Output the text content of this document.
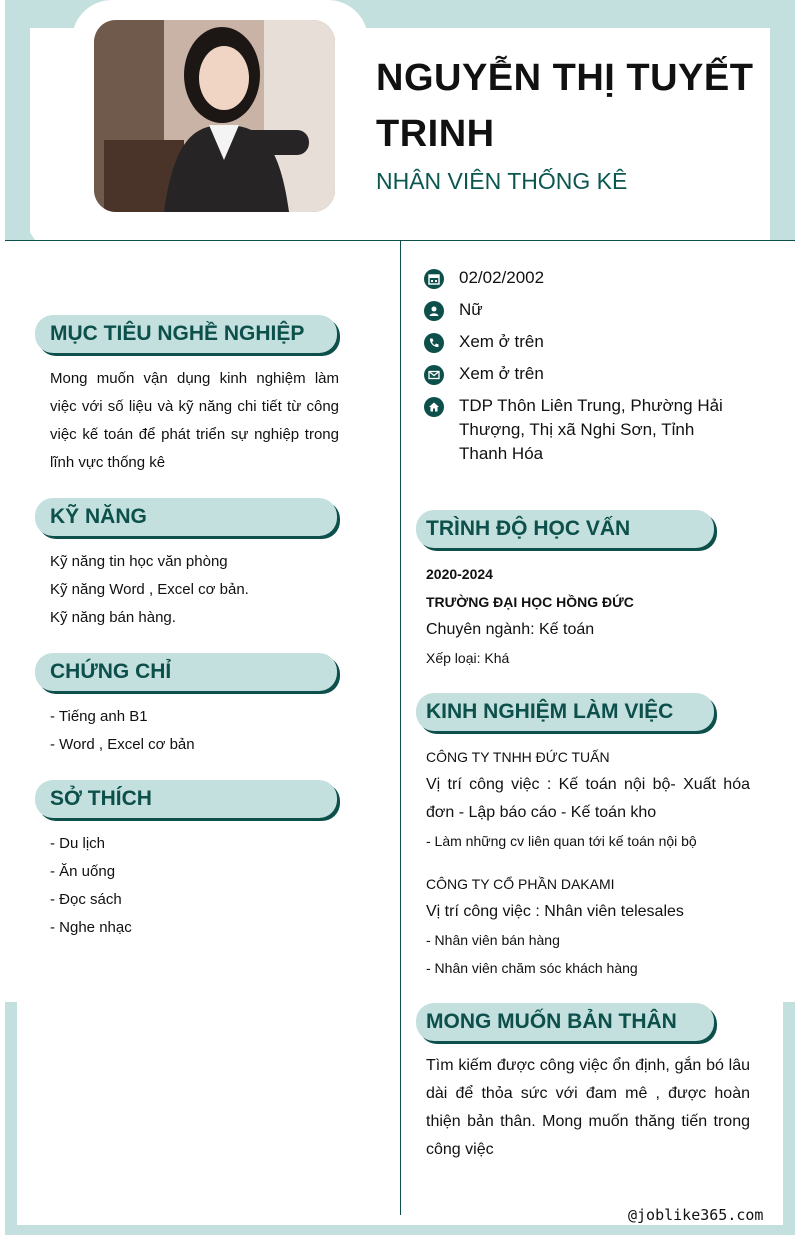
NGUYỄN THỊ TUYẾT TRINH
NHÂN VIÊN THỐNG KÊ
02/02/2002
Nữ
Xem ở trên
Xem ở trên
TDP Thôn Liên Trung, Phường Hải Thượng, Thị xã Nghi Sơn, Tỉnh Thanh Hóa
MỤC TIÊU NGHỀ NGHIỆP
Mong muốn vận dụng kinh nghiệm làm việc với số liệu và kỹ năng chi tiết từ công việc kế toán để phát triển sự nghiệp trong lĩnh vực thống kê
KỸ NĂNG
Kỹ năng tin học văn phòng
Kỹ năng Word , Excel cơ bản.
Kỹ năng bán hàng.
CHỨNG CHỈ
- Tiếng anh B1
- Word , Excel cơ bản
SỞ THÍCH
- Du lịch
- Ăn uống
- Đọc sách
- Nghe nhạc
TRÌNH ĐỘ HỌC VẤN
2020-2024
TRƯỜNG ĐẠI HỌC HỒNG ĐỨC
Chuyên ngành: Kế toán
Xếp loại: Khá
KINH NGHIỆM LÀM VIỆC
CÔNG TY TNHH ĐỨC TUẤN
Vị trí công việc : Kế toán nội bộ- Xuất hóa đơn - Lập báo cáo - Kế toán kho
- Làm những cv liên quan tới kế toán nội bộ
CÔNG TY CỔ PHẦN DAKAMI
Vị trí công việc : Nhân viên telesales
- Nhân viên bán hàng
- Nhân viên chăm sóc khách hàng
MONG MUỐN BẢN THÂN
Tìm kiếm được công việc ổn định, gắn bó lâu dài để thỏa sức với đam mê , được hoàn thiện bản thân. Mong muốn thăng tiến trong công việc
@joblike365.com
